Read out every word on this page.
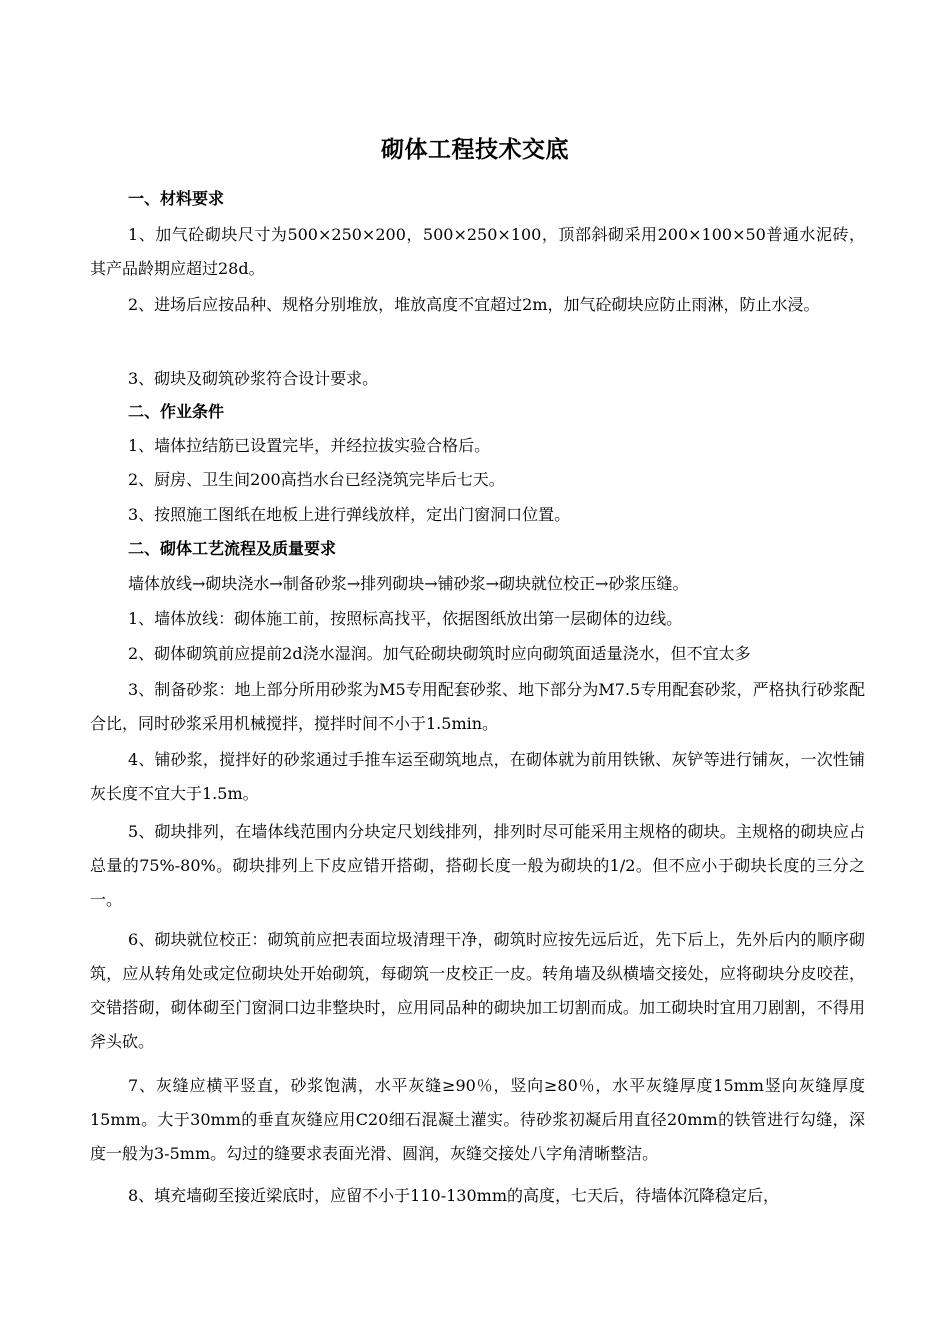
砌体工程技术交底
一、材料要求
1、加气砼砌块尺寸为500×250×200，500×250×100，顶部斜砌采用200×100×50普通水泥砖，其产品龄期应超过28d。
2、进场后应按品种、规格分别堆放，堆放高度不宜超过2m，加气砼砌块应防止雨淋，防止水浸。
3、砌块及砌筑砂浆符合设计要求。
二、作业条件
1、墙体拉结筋已设置完毕，并经拉拔实验合格后。
2、厨房、卫生间200高挡水台已经浇筑完毕后七天。
3、按照施工图纸在地板上进行弹线放样，定出门窗洞口位置。
二、砌体工艺流程及质量要求
墙体放线→砌块浇水→制备砂浆→排列砌块→铺砂浆→砌块就位校正→砂浆压缝。
1、墙体放线：砌体施工前，按照标高找平，依据图纸放出第一层砌体的边线。
2、砌体砌筑前应提前2d浇水湿润。加气砼砌块砌筑时应向砌筑面适量浇水，但不宜太多
3、制备砂浆：地上部分所用砂浆为M5专用配套砂浆、地下部分为M7.5专用配套砂浆，严格执行砂浆配合比，同时砂浆采用机械搅拌，搅拌时间不小于1.5min。
4、铺砂浆，搅拌好的砂浆通过手推车运至砌筑地点，在砌体就为前用铁锹、灰铲等进行铺灰，一次性铺灰长度不宜大于1.5m。
5、砌块排列，在墙体线范围内分块定尺划线排列，排列时尽可能采用主规格的砌块。主规格的砌块应占总量的75%-80%。砌块排列上下皮应错开搭砌，搭砌长度一般为砌块的1/2。但不应小于砌块长度的三分之一。
6、砌块就位校正：砌筑前应把表面垃圾清理干净，砌筑时应按先远后近，先下后上，先外后内的顺序砌筑，应从转角处或定位砌块处开始砌筑，每砌筑一皮校正一皮。转角墙及纵横墙交接处，应将砌块分皮咬茬，交错搭砌，砌体砌至门窗洞口边非整块时，应用同品种的砌块加工切割而成。加工砌块时宜用刀剧割，不得用斧头砍。
7、灰缝应横平竖直，砂浆饱满，水平灰缝≥90％，竖向≥80％，水平灰缝厚度15mm竖向灰缝厚度15mm。大于30mm的垂直灰缝应用C20细石混凝土灌实。待砂浆初凝后用直径20mm的铁管进行勾缝，深度一般为3-5mm。勾过的缝要求表面光滑、圆润，灰缝交接处八字角清晰整洁。
8、填充墙砌至接近梁底时，应留不小于110-130mm的高度，七天后，待墙体沉降稳定后，
